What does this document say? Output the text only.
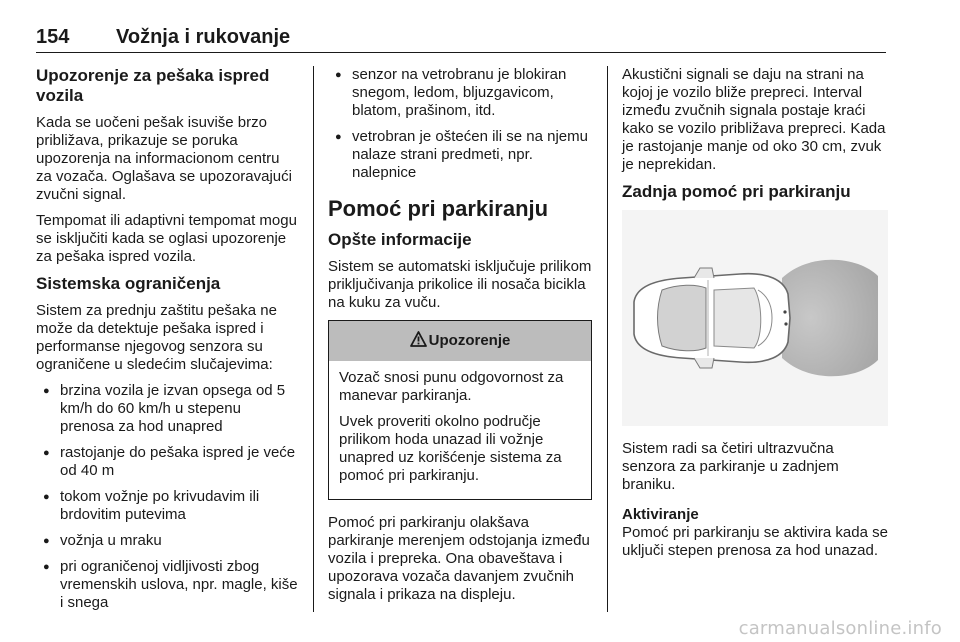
154 Vožnja i rukovanje
Upozorenje za pešaka ispred vozila

Kada se uočeni pešak isuviše brzo približava, prikazuje se poruka upozorenja na informacionom centru za vozača. Oglašava se upozoravajući zvučni signal.

Tempomat ili adaptivni tempomat mogu se isključiti kada se oglasi upozorenje za pešaka ispred vozila.

Sistemska ograničenja

Sistem za prednju zaštitu pešaka ne može da detektuje pešaka ispred i performanse njegovog senzora su ograničene u sledećim slučajevima:

● brzina vozila je izvan opsega od 5 km/h do 60 km/h u stepenu prenosa za hod unapred
● rastojanje do pešaka ispred je veće od 40 m
● tokom vožnje po krivudavim ili brdovitim putevima
● vožnja u mraku
● pri ograničenoj vidljivosti zbog vremenskih uslova, npr. magle, kiše i snega
● senzor na vetrobranu je blokiran snegom, ledom, bljuzgavicom, blatom, prašinom, itd.
● vetrobran je oštećen ili se na njemu nalaze strani predmeti, npr. nalepnice
Pomoć pri parkiranju
Opšte informacije

Sistem se automatski isključuje prilikom priključivanja prikolice ili nosača bicikla na kuku za vuču.

Upozorenje

Vozač snosi punu odgovornost za manevar parkiranja.

Uvek proveriti okolno područje prilikom hoda unazad ili vožnje unapred uz korišćenje sistema za pomoć pri parkiranju.

Pomoć pri parkiranju olakšava parkiranje merenjem odstojanja između vozila i prepreka. Ona obaveštava i upozorava vozača davanjem zvučnih signala i prikaza na displeju.

Akustični signali se daju na strani na kojoj je vozilo bliže prepreci. Interval između zvučnih signala postaje kraći kako se vozilo približava prepreci. Kada je rastojanje manje od oko 30 cm, zvuk je neprekidan.

Zadnja pomoć pri parkiranju

Sistem radi sa četiri ultrazvučna senzora za parkiranje u zadnjem braniku.

Aktiviranje

Pomoć pri parkiranju se aktivira kada se uključi stepen prenosa za hod unazad.

carmanualsonline.info
